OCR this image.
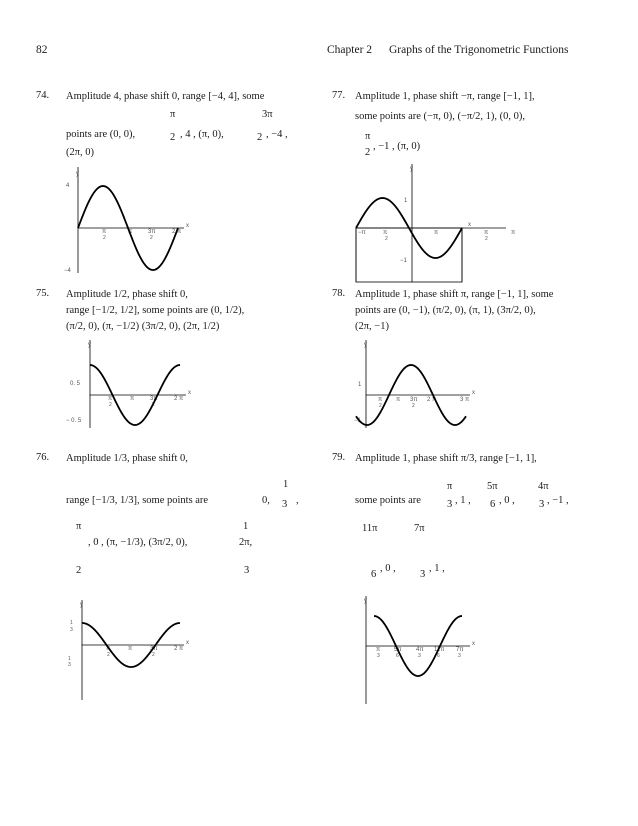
82	Chapter 2 Graphs of the Trigonometric Functions
74. Amplitude 4, phase shift 0, range [−4, 4], some
π	3π
points are (0, 0),	2 , 4 , (π, 0),	2 , −4 ,
(2π, 0)
y
x
4
−4
π
2
π	3π
2
2 π
75. Amplitude 1/2, phase shift 0,
range [−1/2, 1/2], some points are (0, 1/2),
(π/2, 0), (π, −1/2) (3π/2, 0), (2π, 1/2)
y
x
0. 5
− 0. 5
π
2
π	3π
2
2 π
76. Amplitude 1/3, phase shift 0,
1
range [−1/3, 1/3], some points are	0, 3 ,
π
, 0 , (π, −1/3), (3π/2, 0),	2π,
1
2	3
y
x
1
3
1
3
π
2
π	3π
2
2 π
77. Amplitude 1, phase shift −π, range [−1, 1],
some points are (−π, 0), (−π/2, 1), (0, 0),
π
2
, −1 , (π, 0)
y
x
1
−1
−π	π
2
π	π
2
π
78. Amplitude 1, phase shift π, range [−1, 1], some
points are (0, −1), (π/2, 0), (π, 1), (3π/2, 0),
(2π, −1)
y
x
1
−1
π
2
π 3π
2
2 π	3 π
79. Amplitude 1, phase shift π/3, range [−1, 1],
π	5π	4π
some points are 3 , 1 , 6 , 0 , 3 , −1 ,
11π	7π
6
, 0 ,
3
, 1 ,
y
x
π
3
5π
6
4π
3
11π
6
7π
3
